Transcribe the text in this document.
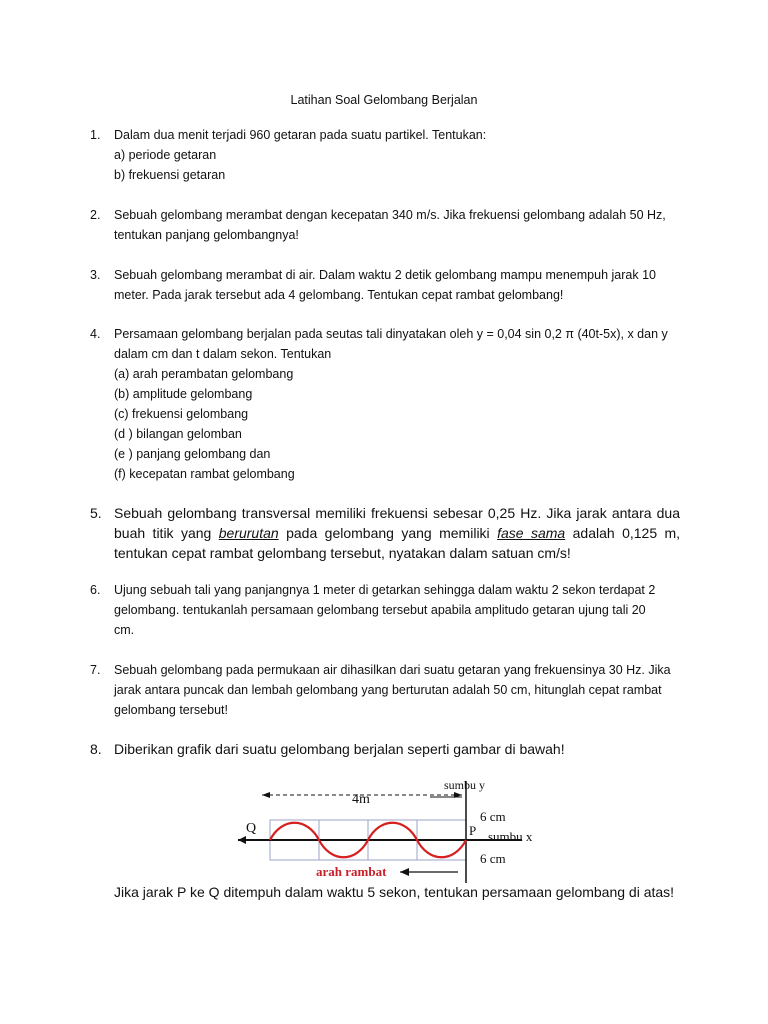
Latihan Soal Gelombang Berjalan
1.	Dalam dua menit terjadi 960 getaran pada suatu partikel. Tentukan:
a) periode getaran
b) frekuensi getaran
2.	Sebuah gelombang merambat dengan kecepatan 340 m/s. Jika frekuensi gelombang adalah 50 Hz,
tentukan panjang gelombangnya!
3.	Sebuah gelombang merambat di air. Dalam waktu 2 detik gelombang mampu menempuh jarak 10
meter. Pada jarak tersebut ada 4 gelombang. Tentukan cepat rambat gelombang!
4.	Persamaan gelombang berjalan pada seutas tali dinyatakan oleh y = 0,04 sin 0,2 π (40t-5x), x dan y
dalam cm dan t dalam sekon. Tentukan
(a) arah perambatan gelombang
(b) amplitude gelombang
(c) frekuensi gelombang
(d ) bilangan gelomban
(e ) panjang gelombang dan
(f) kecepatan rambat gelombang
5. Sebuah gelombang transversal memiliki frekuensi sebesar 0,25 Hz. Jika jarak antara dua
buah titik yang berurutan pada gelombang yang memiliki fase sama adalah 0,125 m,
tentukan cepat rambat gelombang tersebut, nyatakan dalam satuan cm/s!
6.	Ujung sebuah tali yang panjangnya 1 meter di getarkan sehingga dalam waktu 2 sekon terdapat 2
gelombang. tentukanlah persamaan gelombang tersebut apabila amplitudo getaran ujung tali 20
cm.
7.	Sebuah gelombang pada permukaan air dihasilkan dari suatu getaran yang frekuensinya 30 Hz. Jika
jarak antara puncak dan lembah gelombang yang berturutan adalah 50 cm, hitunglah cepat rambat
gelombang tersebut!
8. Diberikan grafik dari suatu gelombang berjalan seperti gambar di bawah!
4m
sumbu y
Q	P
6 cm
sumbu x
6 cm
arah rambat
Jika jarak P ke Q ditempuh dalam waktu 5 sekon, tentukan persamaan gelombang di atas!
